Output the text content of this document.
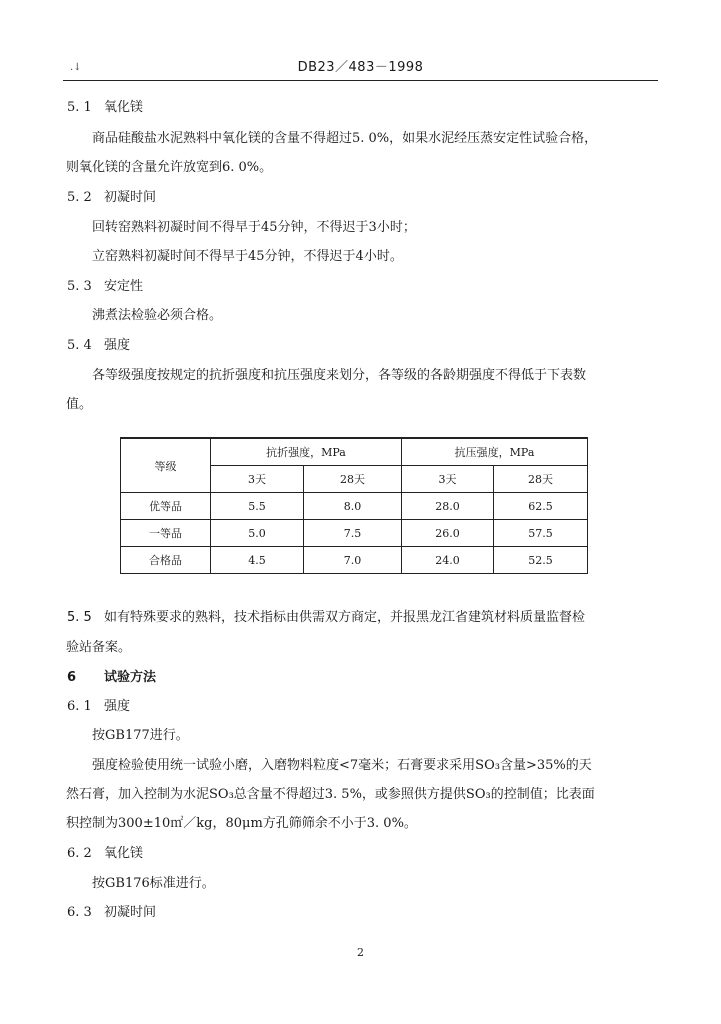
.↓	DB23／483－1998
5. 1 氧化镁
商品硅酸盐水泥熟料中氧化镁的含量不得超过5. 0%，如果水泥经压蒸安定性试验合格，
则氧化镁的含量允许放宽到6. 0%。
5. 2 初凝时间
回转窑熟料初凝时间不得早于45分钟，不得迟于3小时；
立窑熟料初凝时间不得早于45分钟，不得迟于4小时。
5. 3 安定性
沸煮法检验必须合格。
5. 4 强度
各等级强度按规定的抗折强度和抗压强度来划分，各等级的各龄期强度不得低于下表数
值。
等级	抗折强度，MPa		抗压强度，MPa	
	3天	28天	3天	28天
优等品	5.5	8.0	28.0	62.5
一等品	5.0	7.5	26.0	57.5
合格品	4.5	7.0	24.0	52.5
5. 5 如有特殊要求的熟料，技术指标由供需双方商定，并报黑龙江省建筑材料质量监督检
验站备案。
6 试验方法
6. 1 强度
按GB177进行。
强度检验使用统一试验小磨，入磨物料粒度<7毫米；石膏要求采用SO₃含量>35%的天
然石膏，加入控制为水泥SO₃总含量不得超过3. 5%，或参照供方提供SO₃的控制值；比表面
积控制为300±10㎡／kg，80μm方孔筛筛余不小于3. 0%。
6. 2 氧化镁
按GB176标准进行。
6. 3 初凝时间
2
